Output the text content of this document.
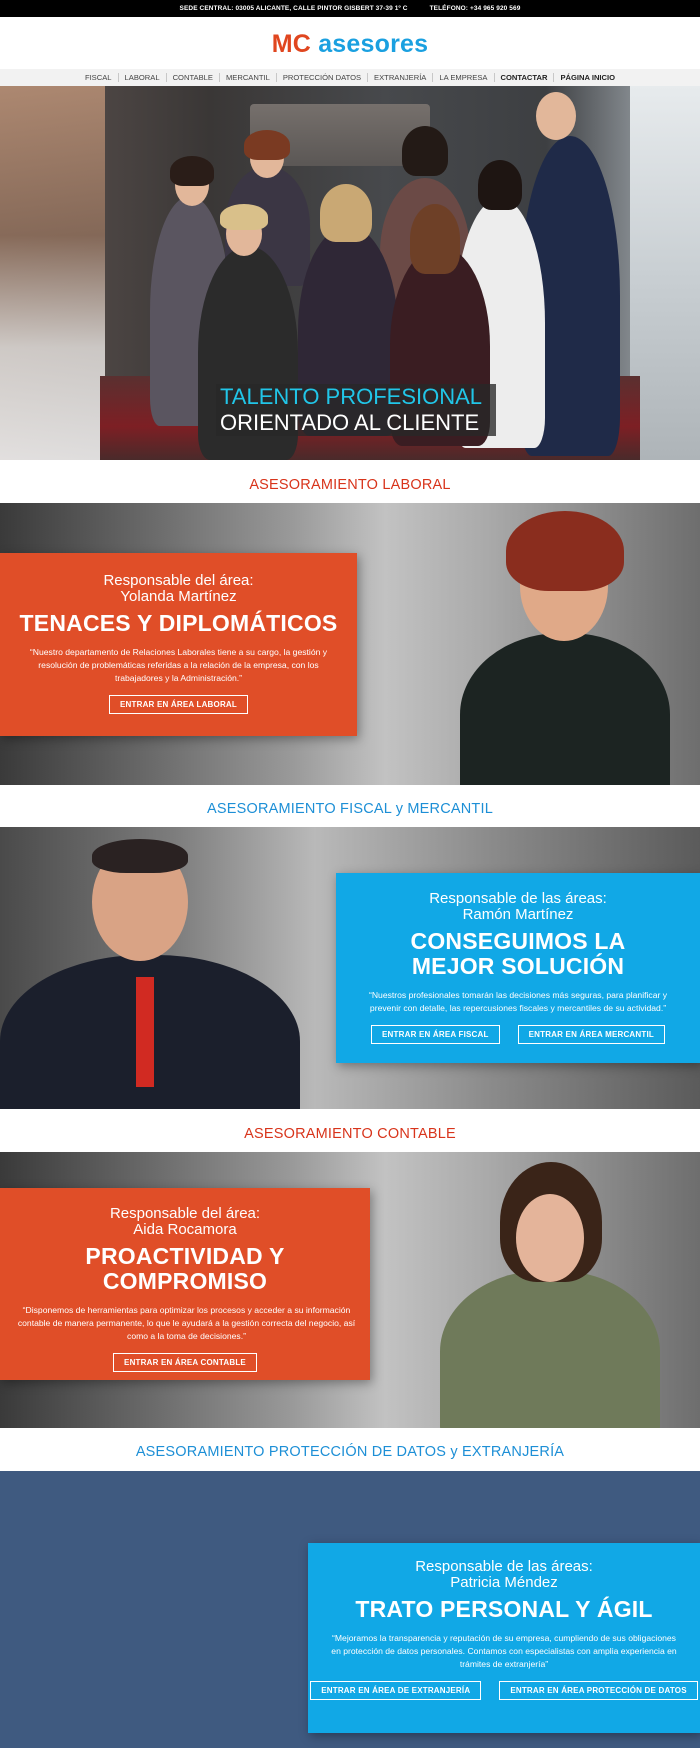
SEDE CENTRAL: 03005 ALICANTE, CALLE PINTOR GISBERT 37-39 1º C	TELÉFONO: +34 965 920 569
MC asesores
FISCAL	LABORAL	CONTABLE	MERCANTIL	PROTECCIÓN DATOS	EXTRANJERÍA	LA EMPRESA	CONTACTAR	PÁGINA INICIO
TALENTO PROFESIONAL
ORIENTADO AL CLIENTE
ASESORAMIENTO LABORAL
Responsable del área:
Yolanda Martínez
TENACES Y DIPLOMÁTICOS
“Nuestro departamento de Relaciones Laborales tiene a su cargo, la gestión y resolución de problemáticas referidas a la relación de la empresa, con los trabajadores y la Administración.”
ENTRAR EN ÁREA LABORAL
ASESORAMIENTO FISCAL y MERCANTIL
Responsable de las áreas:
Ramón Martínez
CONSEGUIMOS LA MEJOR SOLUCIÓN
“Nuestros profesionales tomarán las decisiones más seguras, para planificar y prevenir con detalle, las repercusiones fiscales y mercantiles de su actividad.”
ENTRAR EN ÁREA FISCAL	ENTRAR EN ÁREA MERCANTIL
ASESORAMIENTO CONTABLE
Responsable del área:
Aida Rocamora
PROACTIVIDAD Y COMPROMISO
“Disponemos de herramientas para optimizar los procesos y acceder a su información contable de manera permanente, lo que le ayudará a la gestión correcta del negocio, así como a la toma de decisiones.”
ENTRAR EN ÁREA CONTABLE
ASESORAMIENTO PROTECCIÓN DE DATOS y EXTRANJERÍA
Responsable de las áreas:
Patricia Méndez
TRATO PERSONAL Y ÁGIL
“Mejoramos la transparencia y reputación de su empresa, cumpliendo de sus obligaciones en protección de datos personales. Contamos con especialistas con amplia experiencia en trámites de extranjería”
ENTRAR EN ÁREA DE EXTRANJERÍA	ENTRAR EN ÁREA PROTECCIÓN DE DATOS
